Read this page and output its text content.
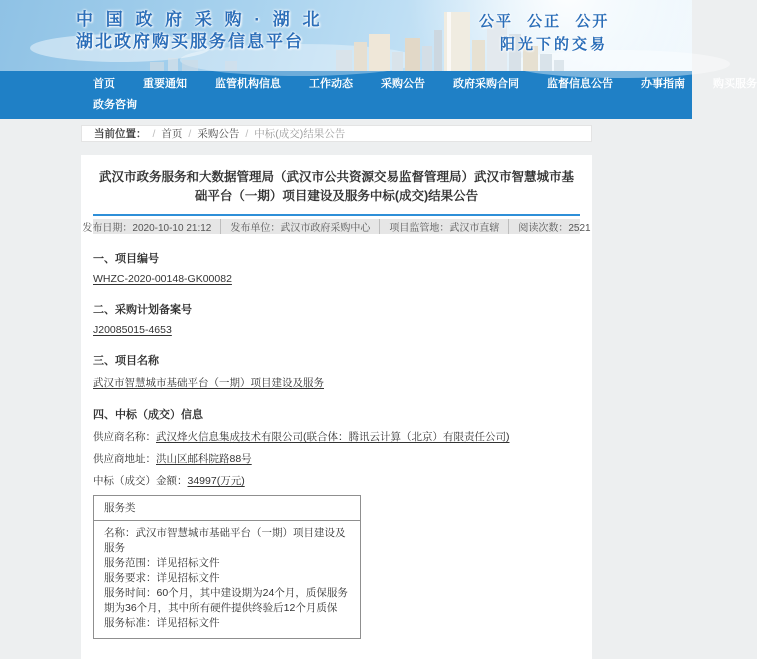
中 国 政 府 采 购 · 湖 北
湖北政府购买服务信息平台
公平 公正 公开
阳光下的交易
首页	重要通知	监管机构信息	工作动态	采购公告	政府采购合同	监督信息公告	办事指南	购买服务
政务咨询
当前位置： / 首页 / 采购公告 / 中标(成交)结果公告
武汉市政务服务和大数据管理局（武汉市公共资源交易监督管理局）武汉市智慧城市基础平台（一期）项目建设及服务中标(成交)结果公告
发布日期：2020-10-10 21:12	发布单位：武汉市政府采购中心	项目监管地：武汉市直辖	阅读次数：2521
一、项目编号
WHZC-2020-00148-GK00082
二、采购计划备案号
J20085015-4653
三、项目名称
武汉市智慧城市基础平台（一期）项目建设及服务
四、中标（成交）信息
供应商名称：武汉烽火信息集成技术有限公司(联合体：腾讯云计算（北京）有限责任公司)
供应商地址：洪山区邮科院路88号
中标（成交）金额：34997(万元)
服务类

名称：武汉市智慧城市基础平台（一期）项目建设及服务

服务范围：详见招标文件

服务要求：详见招标文件

服务时间：60个月，其中建设期为24个月，质保服务期为36个月，其中所有硬件提供终验后12个月质保

服务标准：详见招标文件
